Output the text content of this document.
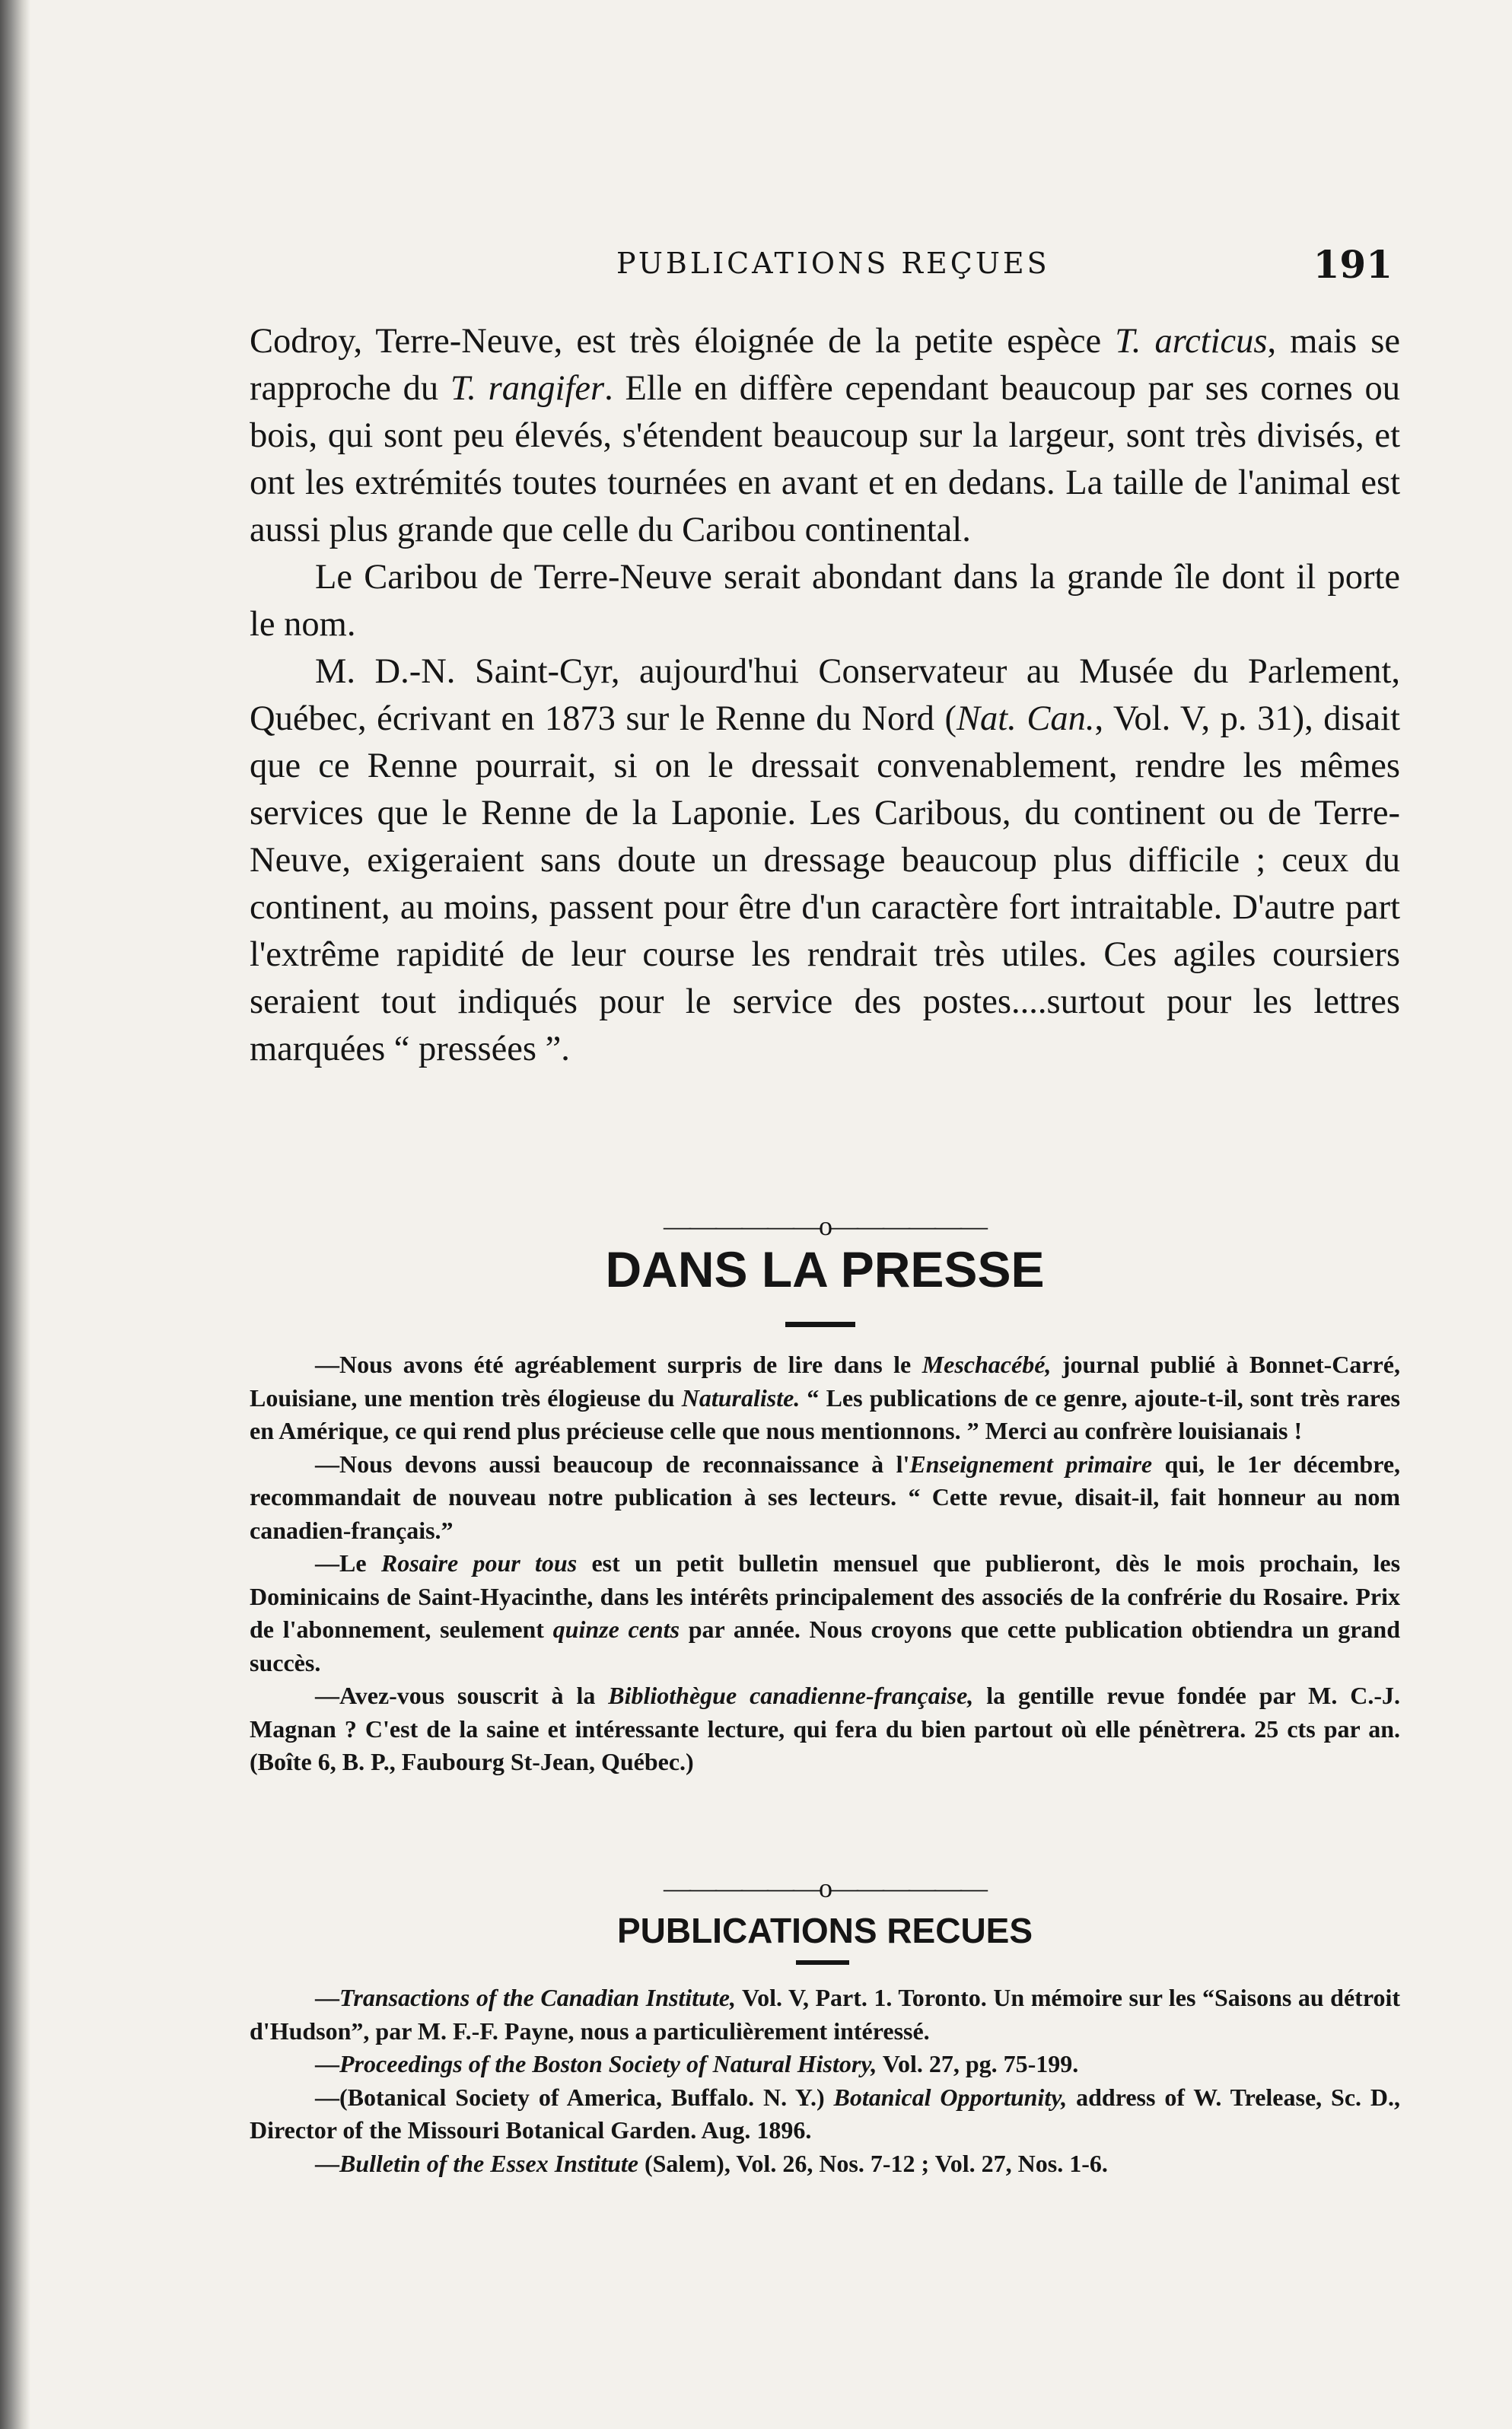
PUBLICATIONS REÇUES	191

Codroy, Terre-Neuve, est très éloignée de la petite espèce T. arcticus, mais se rapproche du T. rangifer. Elle en diffère cependant beaucoup par ses cornes ou bois, qui sont peu élevés, s'étendent beaucoup sur la largeur, sont très divisés, et ont les extrémités toutes tournées en avant et en dedans. La taille de l'animal est aussi plus grande que celle du Caribou continental.

Le Caribou de Terre-Neuve serait abondant dans la grande île dont il porte le nom.

M. D.-N. Saint-Cyr, aujourd'hui Conservateur au Musée du Parlement, Québec, écrivant en 1873 sur le Renne du Nord (Nat. Can., Vol. V, p. 31), disait que ce Renne pourrait, si on le dressait convenablement, rendre les mêmes services que le Renne de la Laponie. Les Caribous, du continent ou de Terre-Neuve, exigeraient sans doute un dressage beaucoup plus difficile ; ceux du continent, au moins, passent pour être d'un caractère fort intraitable. D'autre part l'extrême rapidité de leur course les rendrait très utiles. Ces agiles coursiers seraient tout indiqués pour le service des postes....surtout pour les lettres marquées “ pressées ”.

——————o——————
DANS LA PRESSE

—Nous avons été agréablement surpris de lire dans le Meschacébé, journal publié à Bonnet-Carré, Louisiane, une mention très élogieuse du Naturaliste. “ Les publications de ce genre, ajoute-t-il, sont très rares en Amérique, ce qui rend plus précieuse celle que nous mentionnons. ” Merci au confrère louisianais !

—Nous devons aussi beaucoup de reconnaissance à l'Enseignement primaire qui, le 1er décembre, recommandait de nouveau notre publication à ses lecteurs. “ Cette revue, disait-il, fait honneur au nom canadien-français.”

—Le Rosaire pour tous est un petit bulletin mensuel que publieront, dès le mois prochain, les Dominicains de Saint-Hyacinthe, dans les intérêts principalement des associés de la confrérie du Rosaire. Prix de l'abonnement, seulement quinze cents par année. Nous croyons que cette publication obtiendra un grand succès.

—Avez-vous souscrit à la Bibliothègue canadienne-française, la gentille revue fondée par M. C.-J. Magnan ? C'est de la saine et intéressante lecture, qui fera du bien partout où elle pénètrera. 25 cts par an. (Boîte 6, B. P., Faubourg St-Jean, Québec.)

——————o——————
PUBLICATIONS RECUES

—Transactions of the Canadian Institute, Vol. V, Part. 1. Toronto. Un mémoire sur les “Saisons au détroit d'Hudson”, par M. F.-F. Payne, nous a particulièrement intéressé.

—Proceedings of the Boston Society of Natural History, Vol. 27, pg. 75-199.

—(Botanical Society of America, Buffalo. N. Y.) Botanical Opportunity, address of W. Trelease, Sc. D., Director of the Missouri Botanical Garden. Aug. 1896.

—Bulletin of the Essex Institute (Salem), Vol. 26, Nos. 7-12 ; Vol. 27, Nos. 1-6.
